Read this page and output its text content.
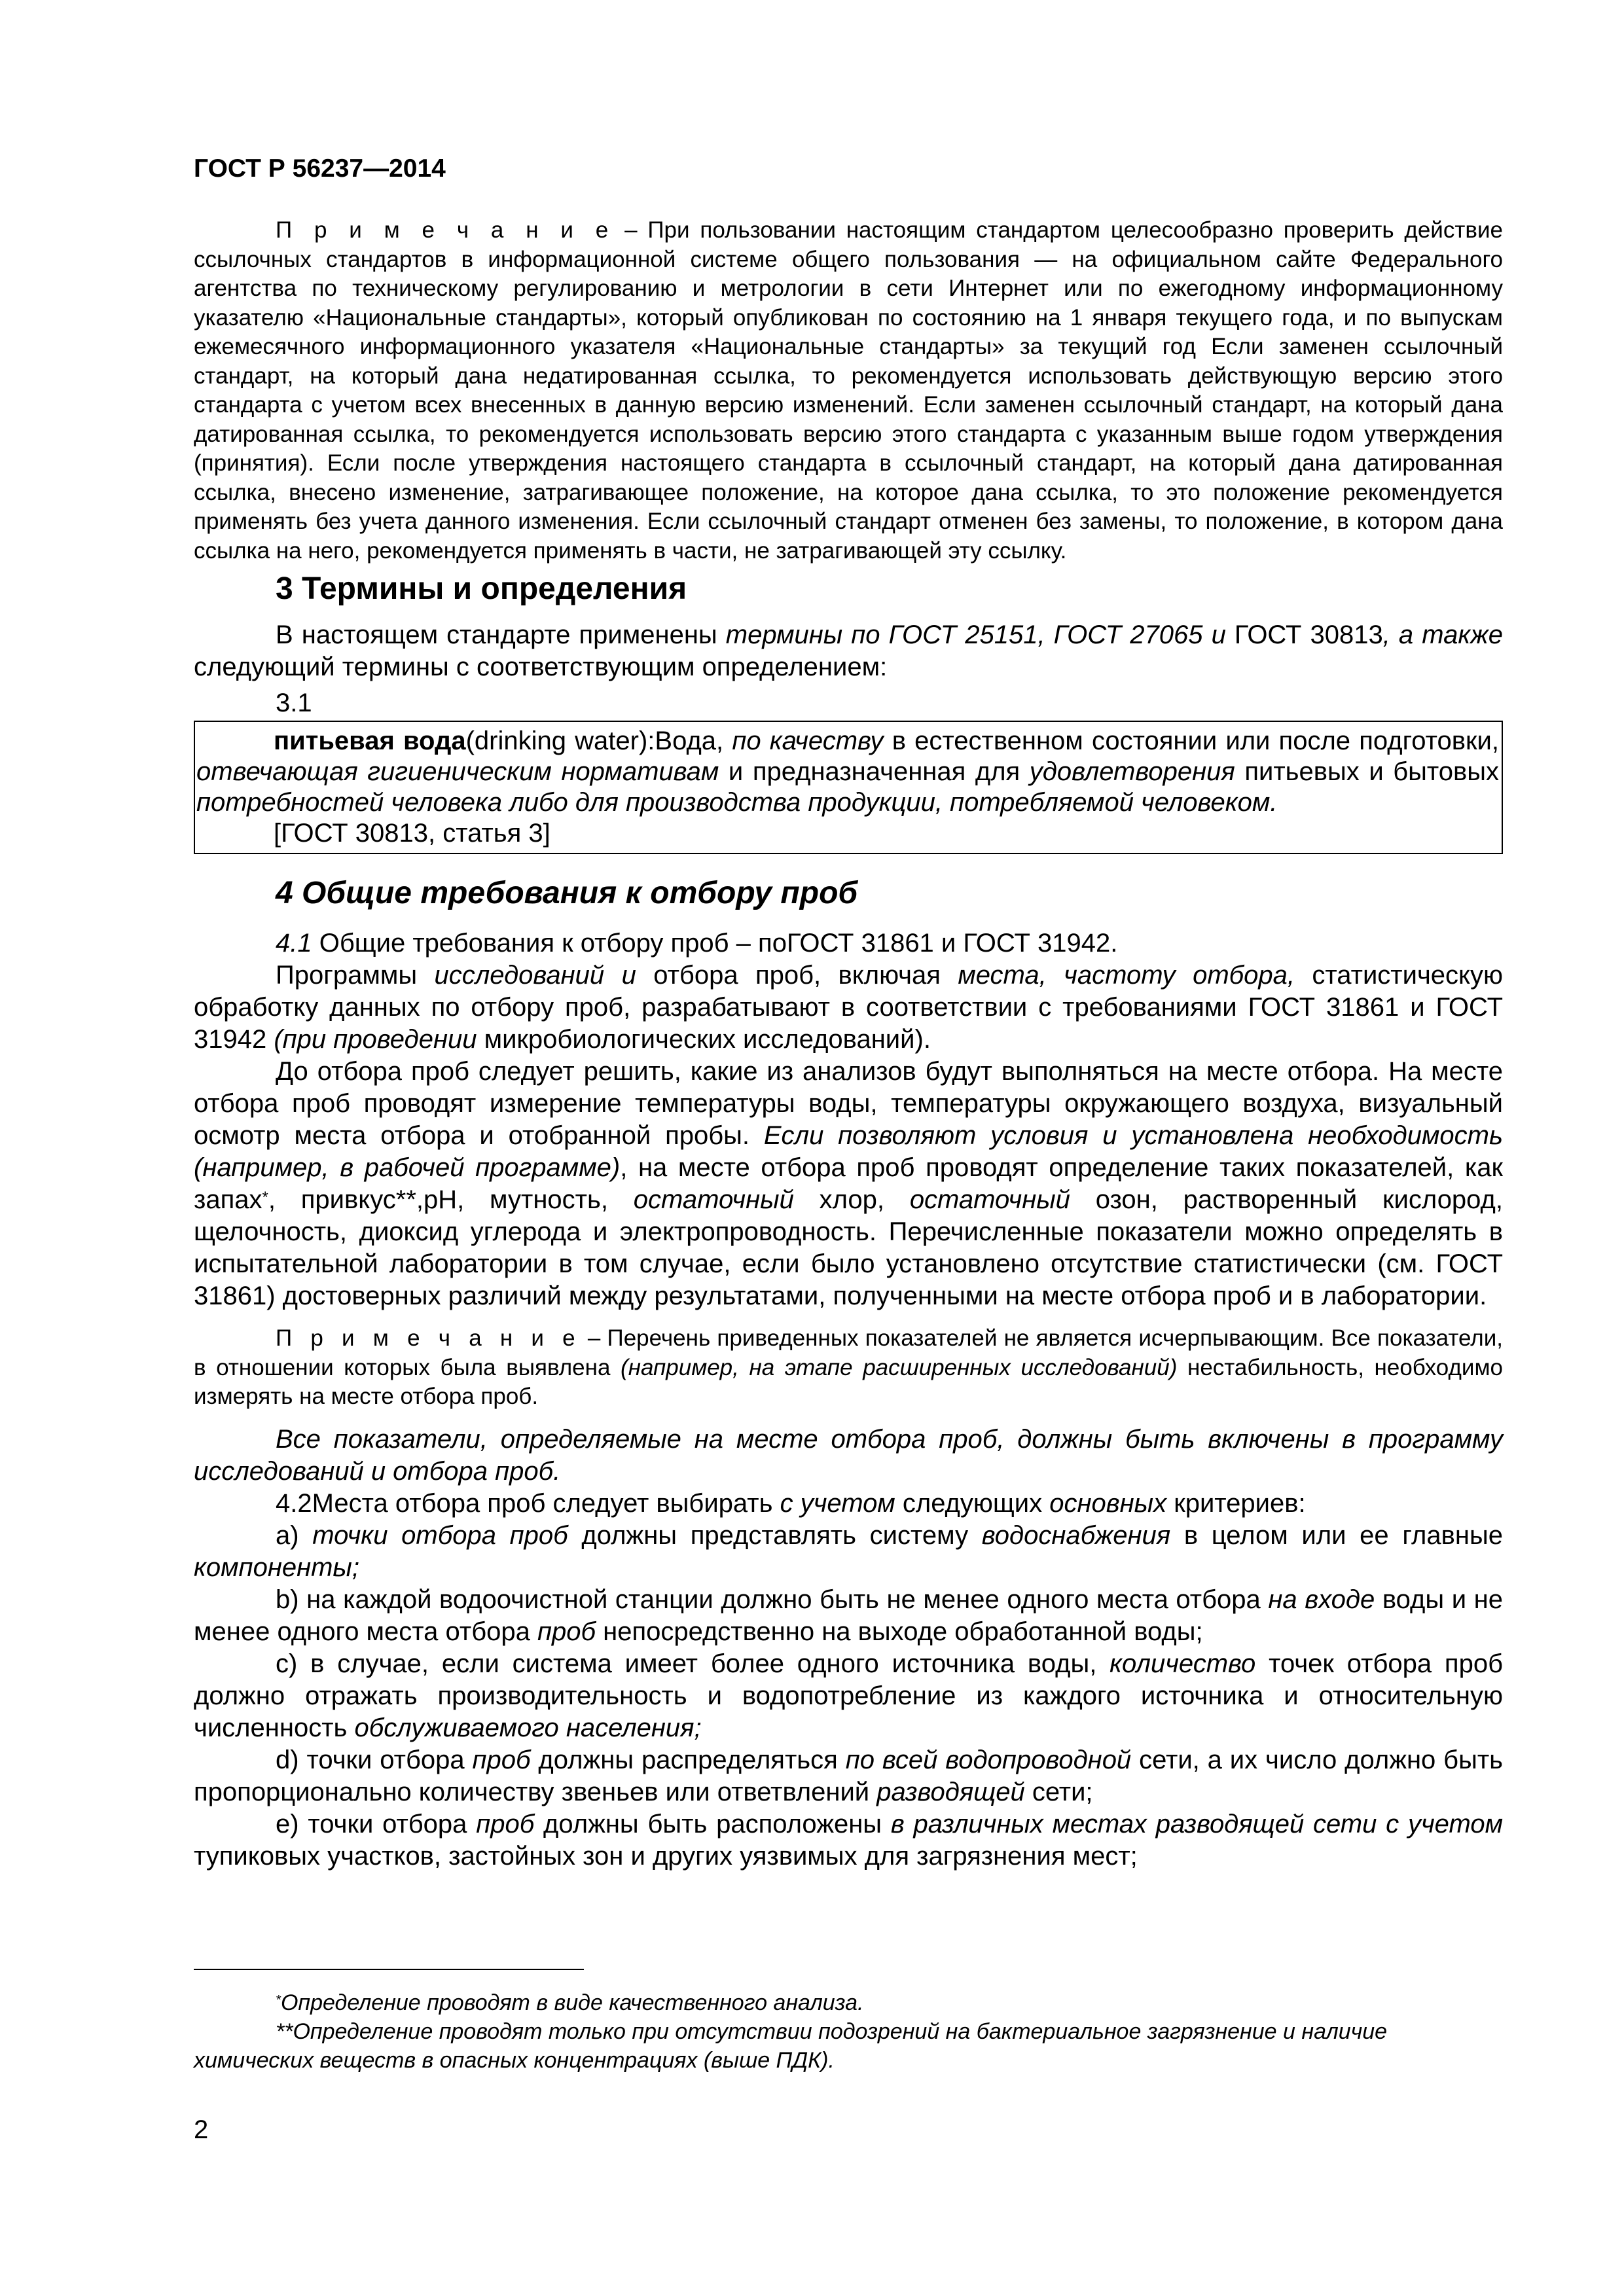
ГОСТ Р 56237—2014

П р и м е ч а н и е – При пользовании настоящим стандартом целесообразно проверить действие ссылочных стандартов в информационной системе общего пользования — на официальном сайте Федерального агентства по техническому регулированию и метрологии в сети Интернет или по ежегодному информационному указателю «Национальные стандарты», который опубликован по состоянию на 1 января текущего года, и по выпускам ежемесячного информационного указателя «Национальные стандарты» за текущий год Если заменен ссылочный стандарт, на который дана недатированная ссылка, то рекомендуется использовать действующую версию этого стандарта с учетом всех внесенных в данную версию изменений. Если заменен ссылочный стандарт, на который дана датированная ссылка, то рекомендуется использовать версию этого стандарта с указанным выше годом утверждения (принятия). Если после утверждения настоящего стандарта в ссылочный стандарт, на который дана датированная ссылка, внесено изменение, затрагивающее положение, на которое дана ссылка, то это положение рекомендуется применять без учета данного изменения. Если ссылочный стандарт отменен без замены, то положение, в котором дана ссылка на него, рекомендуется применять в части, не затрагивающей эту ссылку.

3 Термины и определения

В настоящем стандарте применены термины по ГОСТ 25151, ГОСТ 27065 и ГОСТ 30813, а также следующий термины с соответствующим определением:

3.1

питьевая вода(drinking water):Вода, по качеству в естественном состоянии или после подготовки, отвечающая гигиеническим нормативам и предназначенная для удовлетворения питьевых и бытовых потребностей человека либо для производства продукции, потребляемой человеком.

[ГОСТ 30813, статья 3]

4 Общие требования к отбору проб

4.1 Общие требования к отбору проб – поГОСТ 31861 и ГОСТ 31942.

Программы исследований и отбора проб, включая места, частоту отбора, статистическую обработку данных по отбору проб, разрабатывают в соответствии с требованиями ГОСТ 31861 и ГОСТ 31942 (при проведении микробиологических исследований).

До отбора проб следует решить, какие из анализов будут выполняться на месте отбора. На месте отбора проб проводят измерение температуры воды, температуры окружающего воздуха, визуальный осмотр места отбора и отобранной пробы. Если позволяют условия и установлена необходимость (например, в рабочей программе), на месте отбора проб проводят определение таких показателей, как запах*, привкус**,pH, мутность, остаточный хлор, остаточный озон, растворенный кислород, щелочность, диоксид углерода и электропроводность. Перечисленные показатели можно определять в испытательной лаборатории в том случае, если было установлено отсутствие статистически (см. ГОСТ 31861) достоверных различий между результатами, полученными на месте отбора проб и в лаборатории.

П р и м е ч а н и е – Перечень приведенных показателей не является исчерпывающим. Все показатели, в отношении которых была выявлена (например, на этапе расширенных исследований) нестабильность, необходимо измерять на месте отбора проб.

Все показатели, определяемые на месте отбора проб, должны быть включены в программу исследований и отбора проб.

4.2Места отбора проб следует выбирать с учетом следующих основных критериев:

а) точки отбора проб должны представлять систему водоснабжения в целом или ее главные компоненты;

b) на каждой водоочистной станции должно быть не менее одного места отбора на входе воды и не менее одного места отбора проб непосредственно на выходе обработанной воды;

c) в случае, если система имеет более одного источника воды, количество точек отбора проб должно отражать производительность и водопотребление из каждого источника и относительную численность обслуживаемого населения;

d) точки отбора проб должны распределяться по всей водопроводной сети, а их число должно быть пропорционально количеству звеньев или ответвлений разводящей сети;

e) точки отбора проб должны быть расположены в различных местах разводящей сети с учетом тупиковых участков, застойных зон и других уязвимых для загрязнения мест;

*Определение проводят в виде качественного анализа.

**Определение проводят только при отсутствии подозрений на бактериальное загрязнение и наличие химических веществ в опасных концентрациях (выше ПДК).

2
